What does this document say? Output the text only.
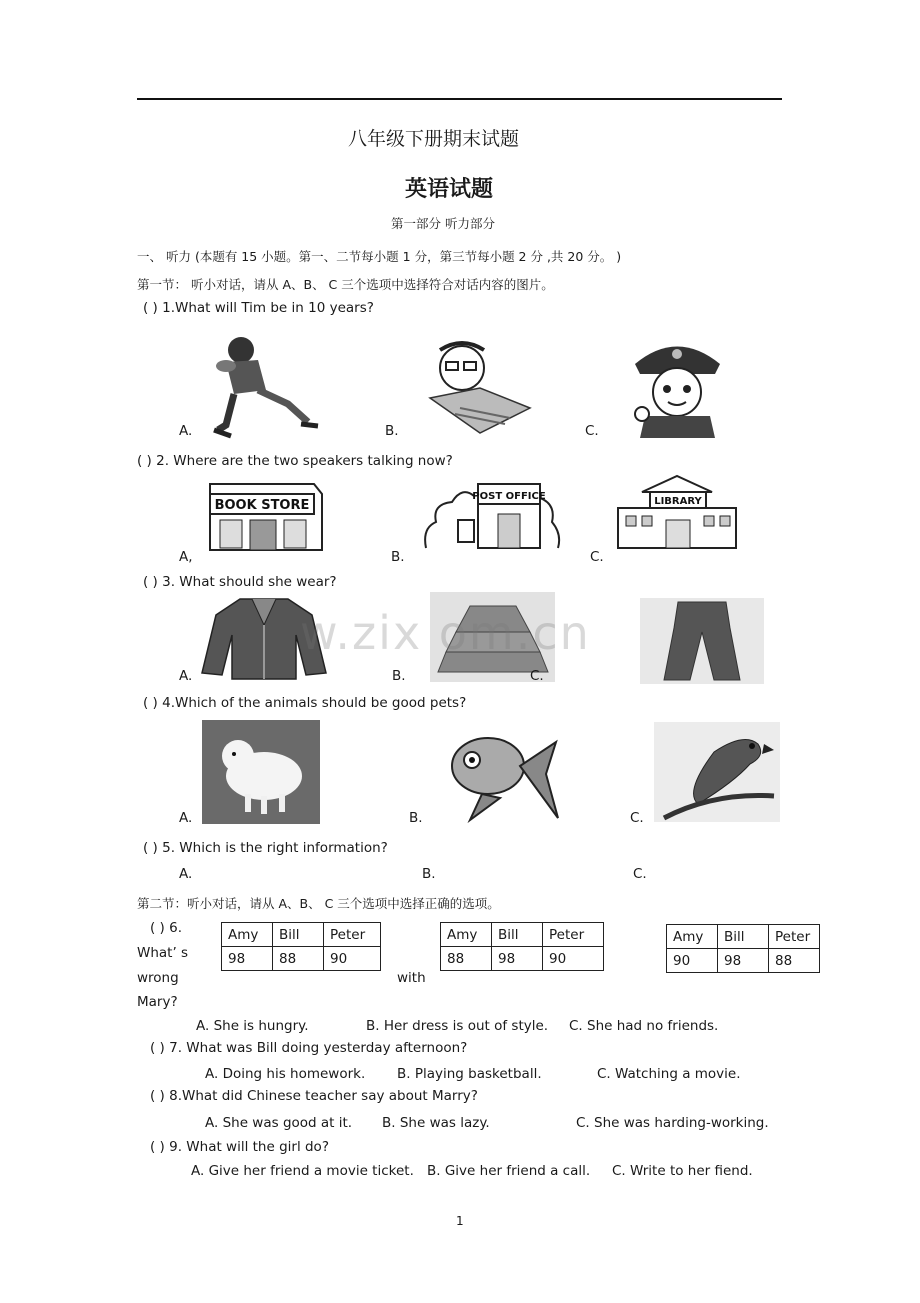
八年级下册期末试题
英语试题
第一部分 听力部分
一、 听力 (本题有 15 小题。第一、二节每小题 1 分，第三节每小题 2 分 ,共 20 分。 )
第一节： 听小对话，请从 A、B、 C 三个选项中选择符合对话内容的图片。
( ) 1.What will Tim be in 10 years?
A.	B.	C.
( ) 2. Where are the two speakers talking now?
BOOK STORE
A,
POST OFFICE
B.
LIBRARY
C.
( ) 3. What should she wear?
A.	B.	C.
w.zix om.cn
( ) 4.Which of the animals should be good pets?
A.	B.	C.
( ) 5. Which is the right information?
A.	B.	C.
第二节：听小对话，请从 A、B、 C 三个选项中选择正确的选项。
( ) 6.
What’ s
wrong
Mary?
with
Amy	Bill	Peter
98	88	90
Amy	Bill	Peter
88	98	90
Amy	Bill	Peter
90	98	88
A. She is hungry.	B. Her dress is out of style. C. She had no friends.
( ) 7. What was Bill doing yesterday afternoon?
A. Doing his homework. B. Playing basketball.	C. Watching a movie.
( ) 8.What did Chinese teacher say about Marry?
A. She was good at it. B. She was lazy.	C. She was harding-working.
( ) 9. What will the girl do?
A. Give her friend a movie ticket. B. Give her friend a call. C. Write to her fiend.
1
